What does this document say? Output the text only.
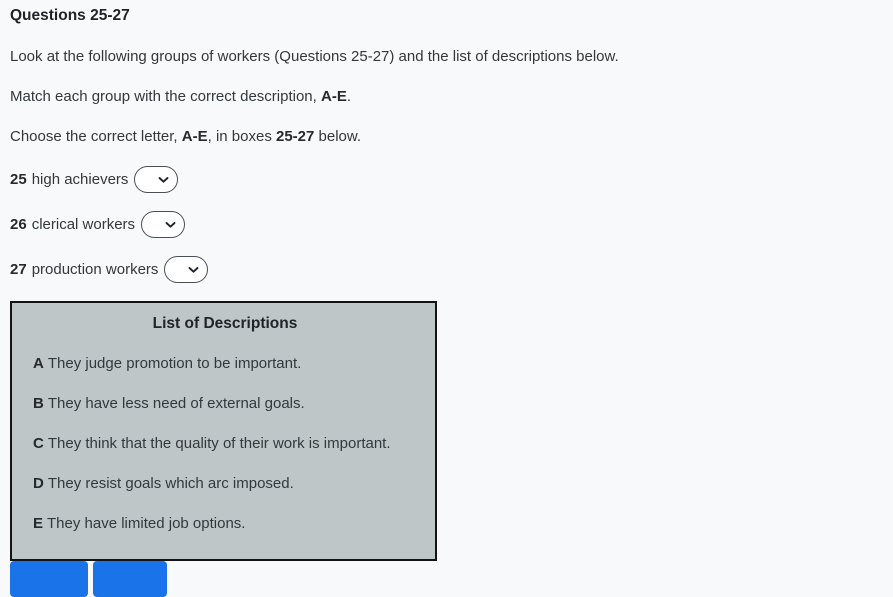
Questions 25-27

Look at the following groups of workers (Questions 25-27) and the list of descriptions below.

Match each group with the correct description, A-E.

Choose the correct letter, A-E, in boxes 25-27 below.

25 high achievers
26 clerical workers
27 production workers
List of Descriptions
A They judge promotion to be important.
B They have less need of external goals.
C They think that the quality of their work is important.
D They resist goals which arc imposed.
E They have limited job options.
